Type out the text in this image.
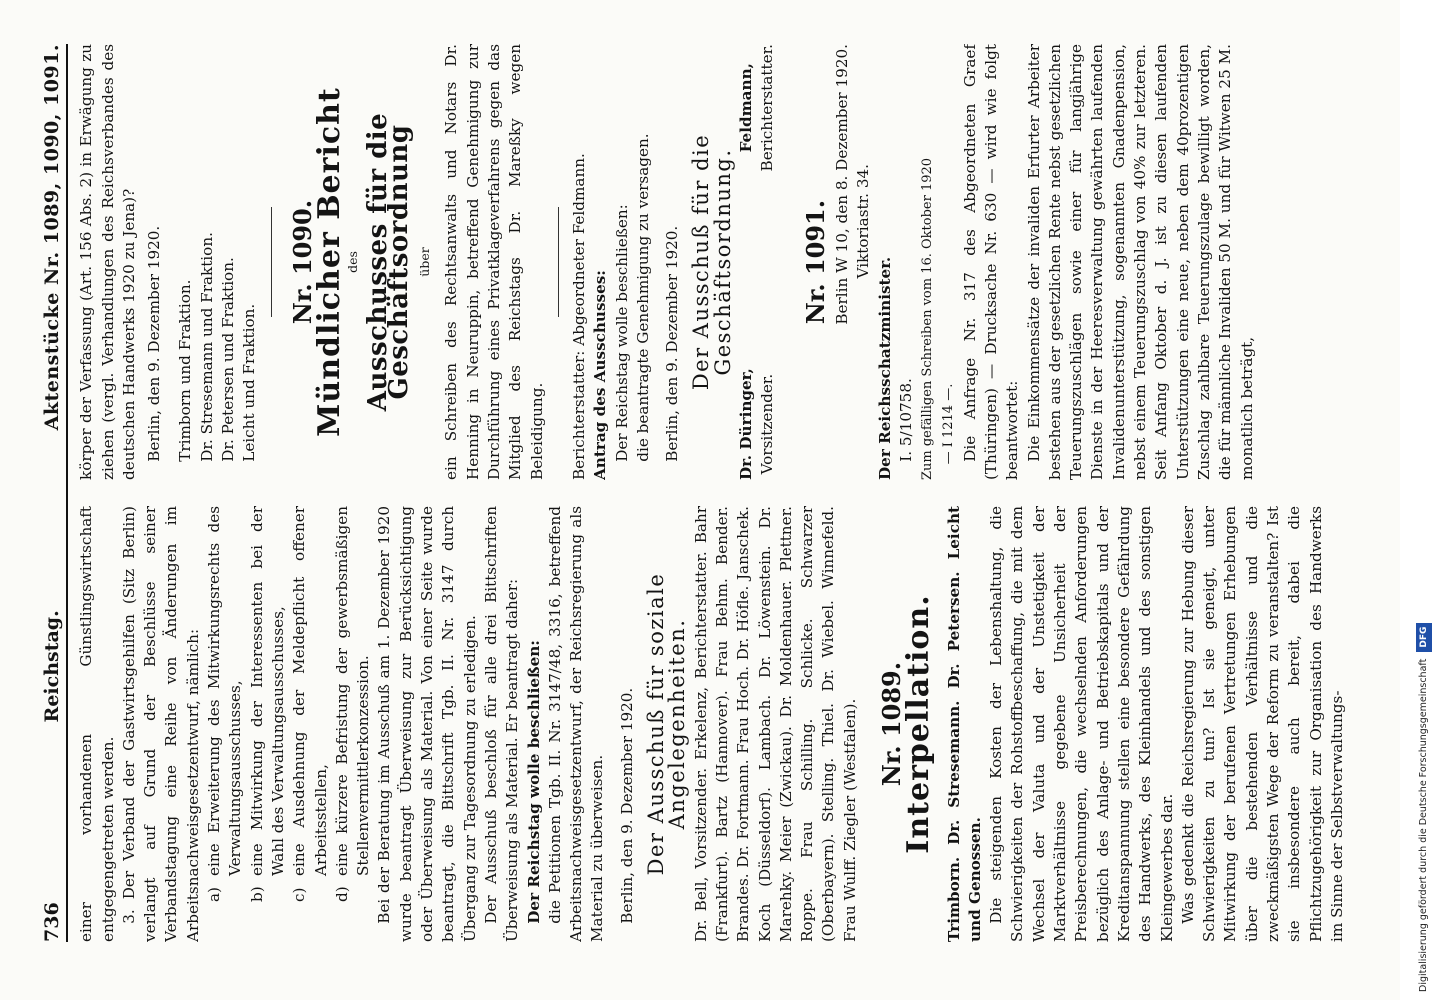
736
Reichstag.
Aktenstücke Nr. 1089, 1090, 1091.

einer vorhandenen Günstlingswirtschaft entgegengetreten werden. 3. Der Verband der Gastwirtsgehilfen (Sitz Berlin) verlangt auf Grund der Beschlüsse seiner Verbandstagung eine Reihe von Änderungen im Arbeitsnachweisgesetzentwurf, nämlich: a)
eine Erweiterung des Mitwirkungsrechts des Verwaltungsausschusses,
b)
eine Mitwirkung der Interessenten bei der Wahl des Verwaltungsausschusses,
c)
eine Ausdehnung der Meldepflicht offener Arbeitsstellen,
d)
eine kürzere Befristung der gewerbsmäßigen Stellenvermittlerkonzession. Bei der Beratung im Ausschuß am 1. Dezember 1920 wurde beantragt Überweisung zur Berücksichtigung oder Überweisung als Material. Von einer Seite wurde beantragt, die Bittschrift Tgb. II. Nr. 3147 durch Übergang zur Tagesordnung zu erledigen. Der Ausschuß beschloß für alle drei Bittschriften Überweisung als Material. Er beantragt daher: Der Reichstag wolle beschließen: die Petitionen Tgb. II. Nr. 3147/48, 3316, betreffend Arbeitsnachweisgesetzentwurf, der Reichsregierung als Material zu überweisen. Berlin, den 9. Dezember 1920. Der Ausschuß für soziale Angelegenheiten. Dr. Bell, Vorsitzender. Erkelenz, Berichterstatter. Bahr (Frankfurt). Bartz (Hannover). Frau Behm. Bender. Brandes. Dr. Fortmann. Frau Hoch. Dr. Höfle. Janschek. Koch (Düsseldorf). Lambach. Dr. Löwenstein. Dr. Marehky. Meier (Zwickau). Dr. Moldenhauer. Plettner. Roppe. Frau Schilling. Schlicke. Schwarzer (Oberbayern). Stelling. Thiel. Dr. Wiebel. Winnefeld. Frau Wulff. Ziegler (Westfalen). Nr. 1089.
Interpellation. Trimborn. Dr. Stresemann. Dr. Petersen. Leicht und Genossen. Die steigenden Kosten der Lebenshaltung, die Schwierigkeiten der Rohstoffbeschaffung, die mit dem Wechsel der Valuta und der Unstetigkeit der Marktverhältnisse gegebene Unsicherheit der Preisberechnungen, die wechselnden Anforderungen bezüglich des Anlage- und Betriebskapitals und der Kreditanspannung stellen eine besondere Gefährdung des Handwerks, des Kleinhandels und des sonstigen Kleingewerbes dar. Was gedenkt die Reichsregierung zur Hebung dieser Schwierigkeiten zu tun? Ist sie geneigt, unter Mitwirkung der berufenen Vertretungen Erhebungen über die bestehenden Verhältnisse und die zweckmäßigsten Wege der Reform zu veranstalten? Ist sie insbesondere auch bereit, dabei die Pflichtzugehörigkeit zur Organisation des Handwerks im Sinne der Selbstverwaltungs-

körper der Verfassung (Art. 156 Abs. 2) in Erwägung zu ziehen (vergl. Verhandlungen des Reichsverbandes des deutschen Handwerks 1920 zu Jena)? Berlin, den 9. Dezember 1920. Trimborn und Fraktion. Dr. Stresemann und Fraktion. Dr. Petersen und Fraktion. Leicht und Fraktion.

Nr. 1090.
Mündlicher Bericht
des Ausschusses für die Geschäftsordnung über ein Schreiben des Rechtsanwalts und Notars Dr. Henning in Neuruppin, betreffend Genehmigung zur Durchführung eines Privatklageverfahrens gegen das Mitglied des Reichstags Dr. Mareßky wegen Beleidigung. Berichterstatter: Abgeordneter Feldmann. Antrag des Ausschusses: Der Reichstag wolle beschließen: die beantragte Genehmigung zu versagen. Berlin, den 9. Dezember 1920. Der Ausschuß für die Geschäftsordnung.
Dr. Düringer, Vorsitzender.
Feldmann, Berichterstatter.
Nr. 1091. Berlin W 10, den 8. Dezember 1920. Viktoriastr. 34.

Der Reichsschatzminister. I. 5/10758. Zum gefälligen Schreiben vom 16. Oktober 1920 — I 1214 —. Die Anfrage Nr. 317 des Abgeordneten Graef (Thüringen) — Drucksache Nr. 630 — wird wie folgt beantwortet: Die Einkommensätze der invaliden Erfurter Arbeiter bestehen aus der gesetzlichen Rente nebst gesetzlichen Teuerungszuschlägen sowie einer für langjährige Dienste in der Heeresverwaltung gewährten laufenden Invalidenunterstützung, sogenannten Gnadenpension, nebst einem Teuerungszuschlag von 40% zur letzteren. Seit Anfang Oktober d. J. ist zu diesen laufenden Unterstützungen eine neue, neben dem 40prozentigen Zuschlag zahlbare Teuerungszulage bewilligt worden, die für männliche Invaliden 50 M. und für Witwen 25 M. monatlich beträgt,

Digitalisierung gefördert durch die Deutsche Forschungsgemeinschaft DFG
